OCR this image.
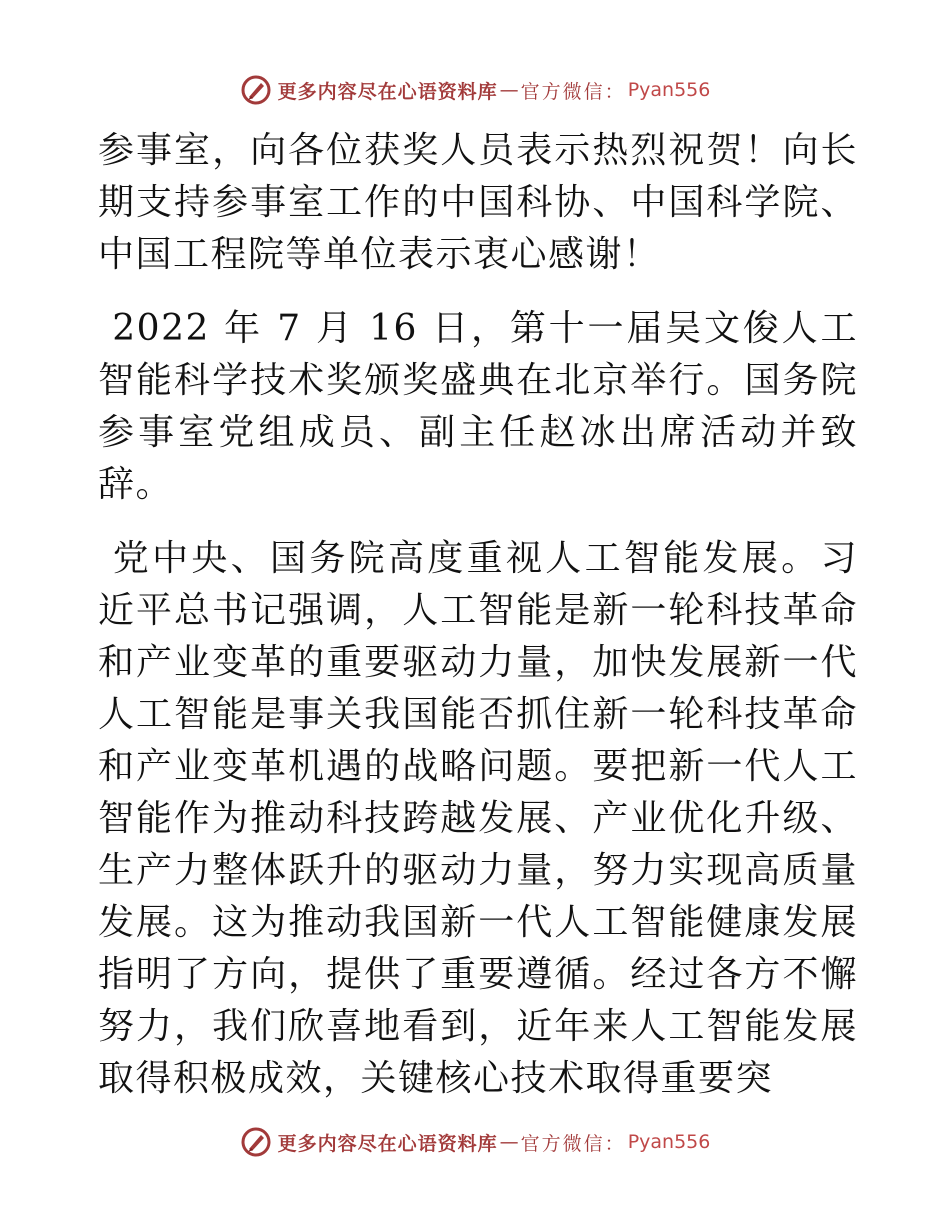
更多内容尽在心语资料库 — 官方微信： Pyan556

参事室，向各位获奖人员表示热烈祝贺！向长期支持参事室工作的中国科协、中国科学院、中国工程院等单位表示衷心感谢！

2022 年 7 月 16 日，第十一届吴文俊人工智能科学技术奖颁奖盛典在北京举行。国务院参事室党组成员、副主任赵冰出席活动并致辞。

党中央、国务院高度重视人工智能发展。习近平总书记强调，人工智能是新一轮科技革命和产业变革的重要驱动力量，加快发展新一代人工智能是事关我国能否抓住新一轮科技革命和产业变革机遇的战略问题。要把新一代人工智能作为推动科技跨越发展、产业优化升级、生产力整体跃升的驱动力量，努力实现高质量发展。这为推动我国新一代人工智能健康发展指明了方向，提供了重要遵循。经过各方不懈努力，我们欣喜地看到，近年来人工智能发展取得积极成效，关键核心技术取得重要突

更多内容尽在心语资料库 — 官方微信： Pyan556
